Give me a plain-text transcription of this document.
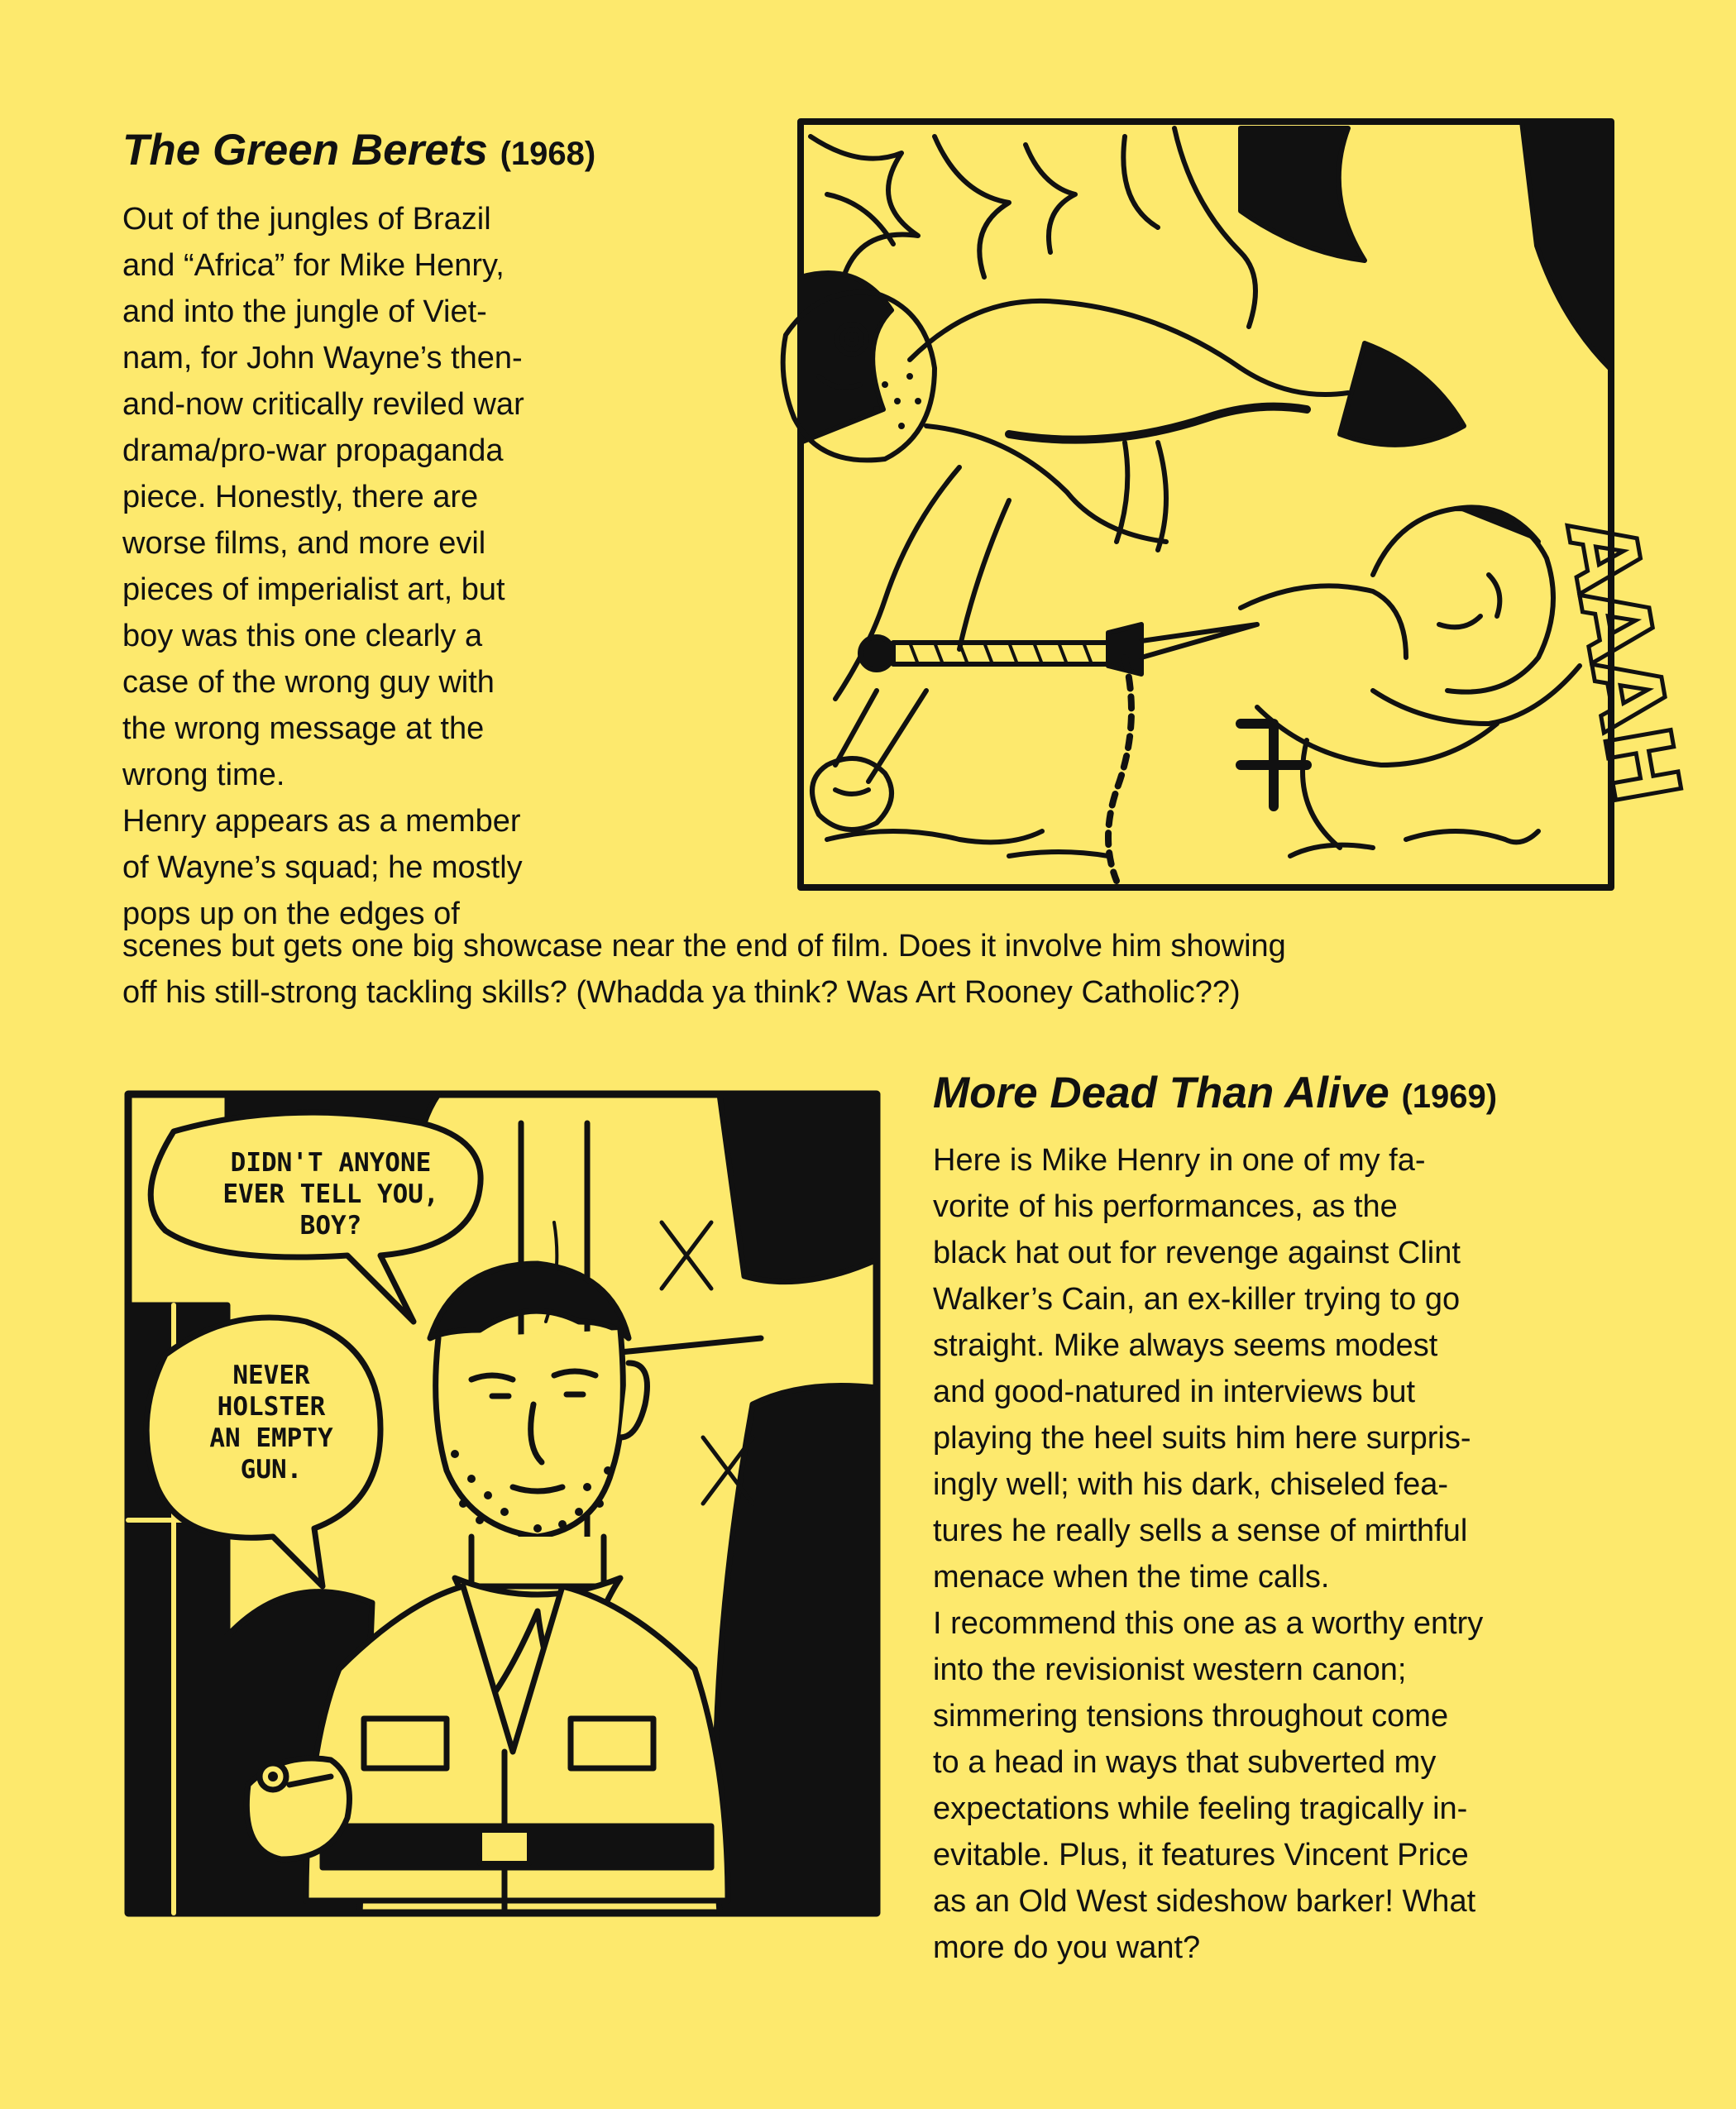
The Green Berets (1968)

Out of the jungles of Brazil
and “Africa” for Mike Henry,
and into the jungle of Viet-
nam, for John Wayne’s then-
and-now critically reviled war
drama/pro-war propaganda
piece. Honestly, there are
worse films, and more evil
pieces of imperialist art, but
boy was this one clearly a
case of the wrong guy with
the wrong message at the
wrong time.

Henry appears as a member
of Wayne’s squad; he mostly
pops up on the edges of

scenes but gets one big showcase near the end of film. Does it involve him showing
off his still-strong tackling skills? (Whadda ya think? Was Art Rooney Catholic??)

AAAH
More Dead Than Alive (1969)

Here is Mike Henry in one of my fa-
vorite of his performances, as the
black hat out for revenge against Clint
Walker’s Cain, an ex-killer trying to go
straight. Mike always seems modest
and good-natured in interviews but
playing the heel suits him here surpris-
ingly well; with his dark, chiseled fea-
tures he really sells a sense of mirthful
menace when the time calls.

I recommend this one as a worthy entry
into the revisionist western canon;
simmering tensions throughout come
to a head in ways that subverted my
expectations while feeling tragically in-
evitable. Plus, it features Vincent Price
as an Old West sideshow barker! What
more do you want?

DIDN'T ANYONE
EVER TELL YOU,
BOY?
NEVER
HOLSTER
AN EMPTY
GUN.
